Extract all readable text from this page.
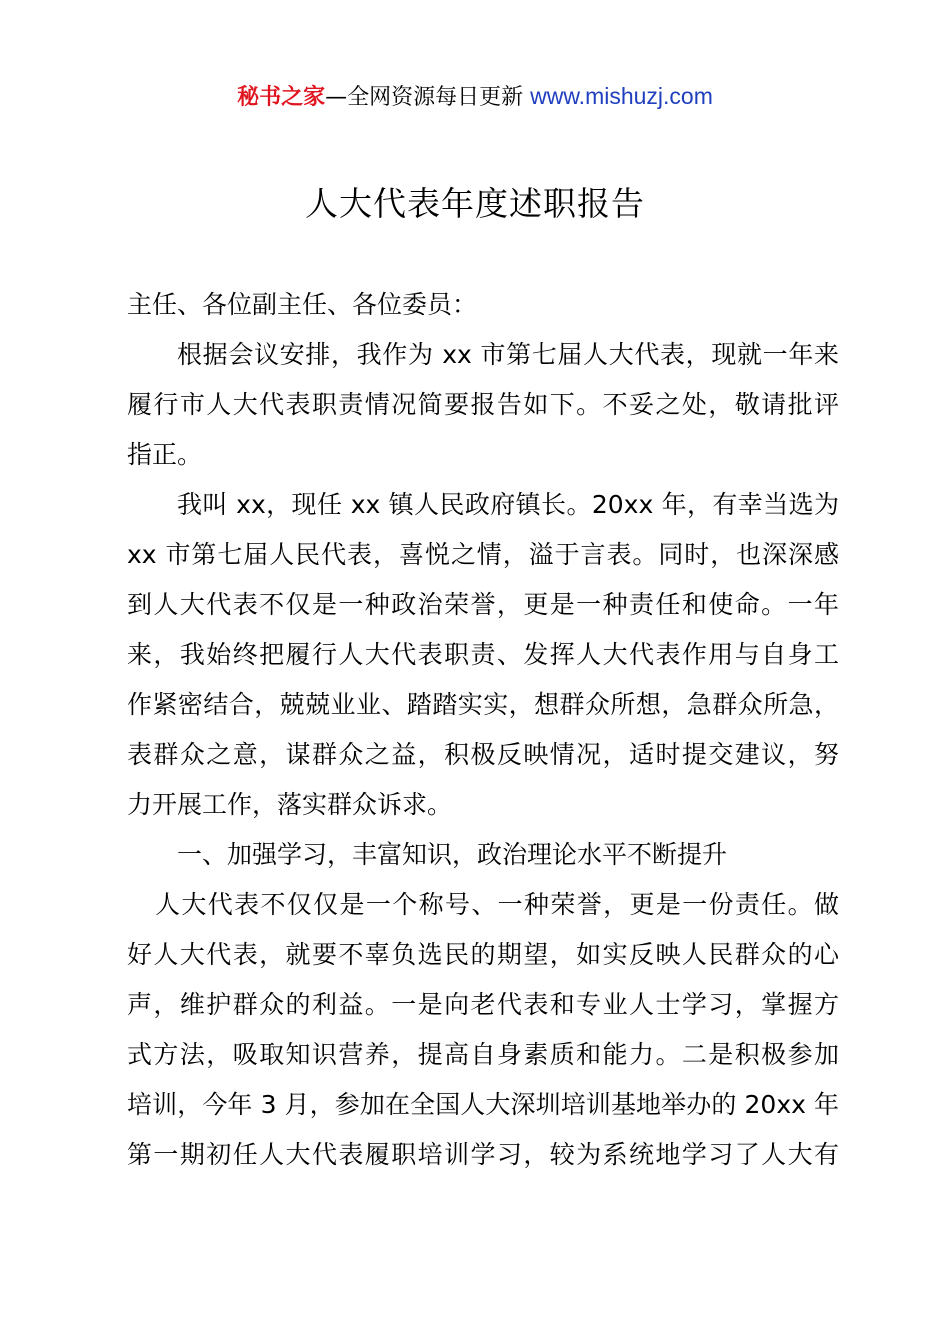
秘书之家—全网资源每日更新 www.mishuzj.com
人大代表年度述职报告
主任、各位副主任、各位委员：
根据会议安排，我作为 xx 市第七届人大代表，现就一年来
履行市人大代表职责情况简要报告如下。不妥之处，敬请批评
指正。
我叫 xx，现任 xx 镇人民政府镇长。20xx 年，有幸当选为
xx 市第七届人民代表，喜悦之情，溢于言表。同时，也深深感
到人大代表不仅是一种政治荣誉，更是一种责任和使命。一年
来，我始终把履行人大代表职责、发挥人大代表作用与自身工
作紧密结合，兢兢业业、踏踏实实，想群众所想，急群众所急，
表群众之意，谋群众之益，积极反映情况，适时提交建议，努
力开展工作，落实群众诉求。
一、加强学习，丰富知识，政治理论水平不断提升
人大代表不仅仅是一个称号、一种荣誉，更是一份责任。做
好人大代表，就要不辜负选民的期望，如实反映人民群众的心
声，维护群众的利益。一是向老代表和专业人士学习，掌握方
式方法，吸取知识营养，提高自身素质和能力。二是积极参加
培训，今年 3 月，参加在全国人大深圳培训基地举办的 20xx 年
第一期初任人大代表履职培训学习，较为系统地学习了人大有
